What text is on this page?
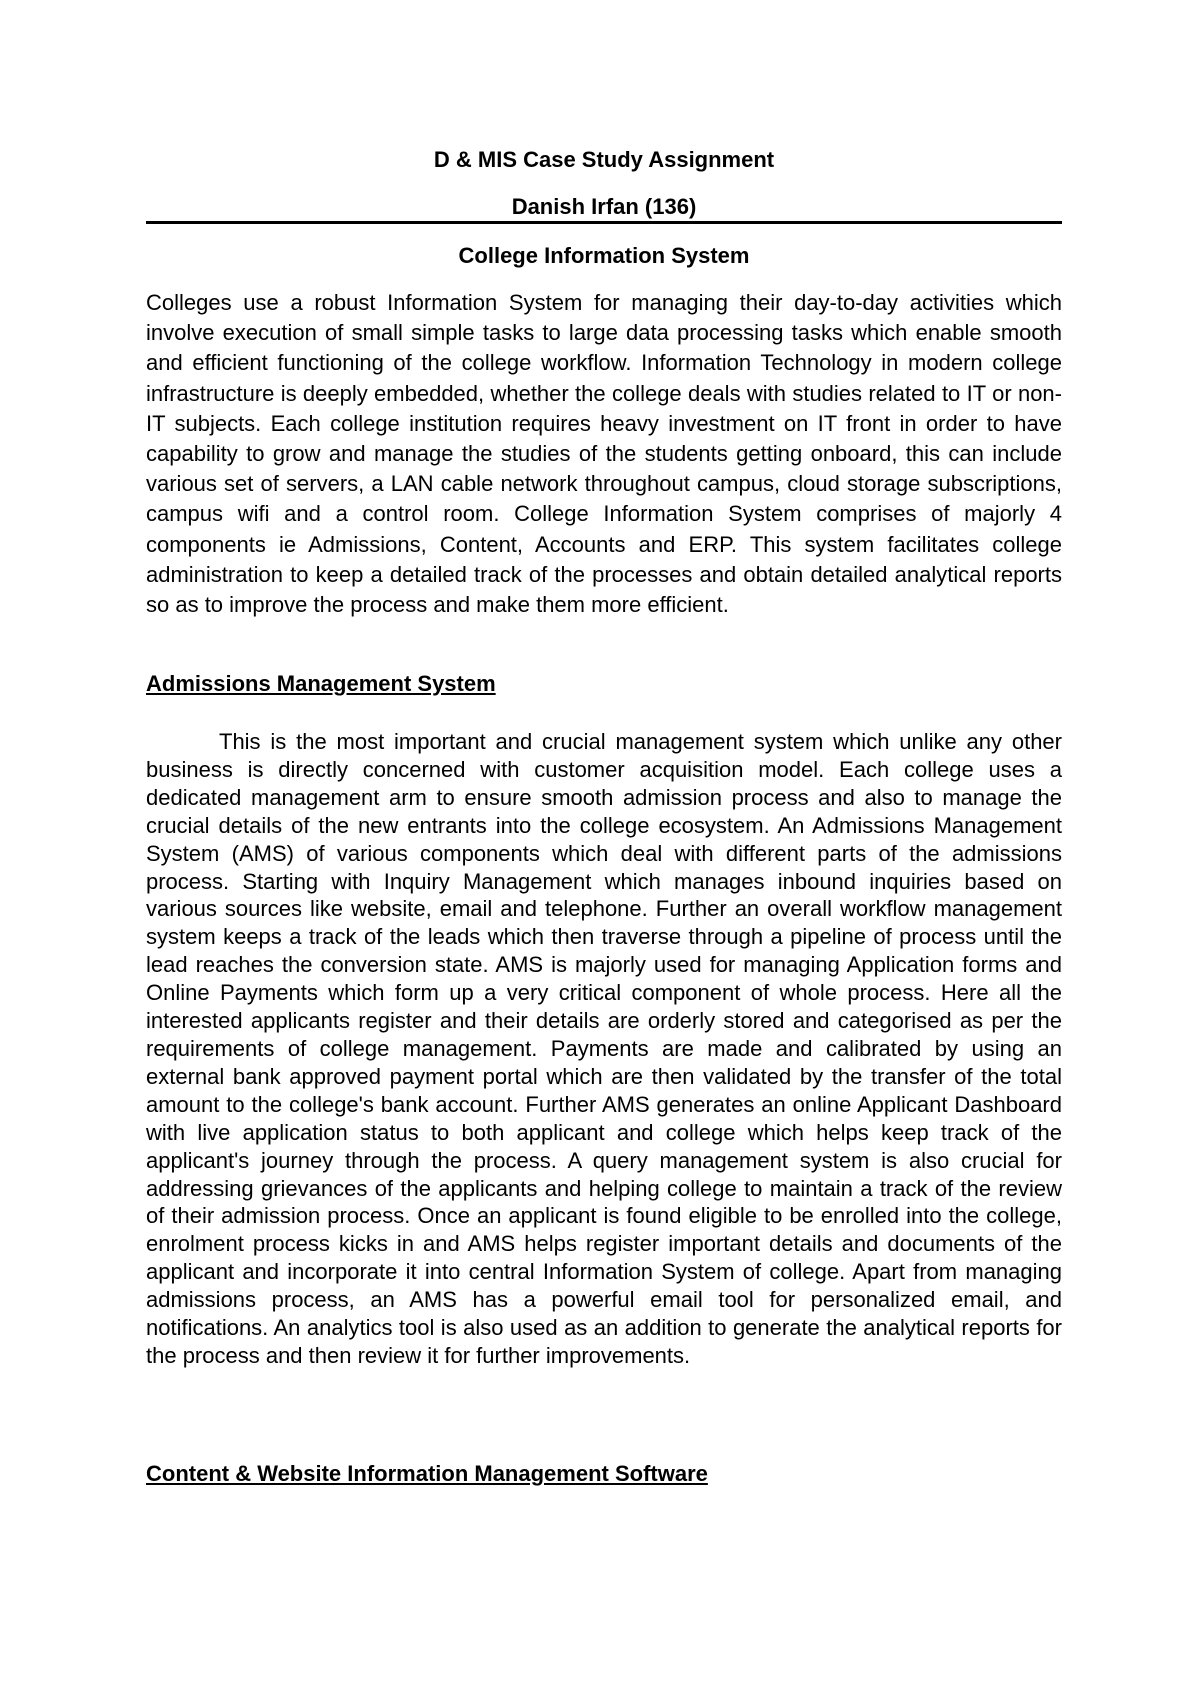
D & MIS Case Study Assignment
Danish Irfan (136)
College Information System

Colleges use a robust Information System for managing their day-to-day activities which involve execution of small simple tasks to large data processing tasks which enable smooth and efficient functioning of the college workflow. Information Technology in modern college infrastructure is deeply embedded, whether the college deals with studies related to IT or non-IT subjects. Each college institution requires heavy investment on IT front in order to have capability to grow and manage the studies of the students getting onboard, this can include various set of servers, a LAN cable network throughout campus, cloud storage subscriptions, campus wifi and a control room. College Information System comprises of majorly 4 components ie Admissions, Content, Accounts and ERP. This system facilitates college administration to keep a detailed track of the processes and obtain detailed analytical reports so as to improve the process and make them more efficient.

Admissions Management System

This is the most important and crucial management system which unlike any other business is directly concerned with customer acquisition model. Each college uses a dedicated management arm to ensure smooth admission process and also to manage the crucial details of the new entrants into the college ecosystem. An Admissions Management System (AMS) of various components which deal with different parts of the admissions process. Starting with Inquiry Management which manages inbound inquiries based on various sources like website, email and telephone. Further an overall workflow management system keeps a track of the leads which then traverse through a pipeline of process until the lead reaches the conversion state. AMS is majorly used for managing Application forms and Online Payments which form up a very critical component of whole process. Here all the interested applicants register and their details are orderly stored and categorised as per the requirements of college management. Payments are made and calibrated by using an external bank approved payment portal which are then validated by the transfer of the total amount to the college's bank account. Further AMS generates an online Applicant Dashboard with live application status to both applicant and college which helps keep track of the applicant's journey through the process. A query management system is also crucial for addressing grievances of the applicants and helping college to maintain a track of the review of their admission process. Once an applicant is found eligible to be enrolled into the college, enrolment process kicks in and AMS helps register important details and documents of the applicant and incorporate it into central Information System of college. Apart from managing admissions process, an AMS has a powerful email tool for personalized email, and notifications. An analytics tool is also used as an addition to generate the analytical reports for the process and then review it for further improvements.

Content & Website Information Management Software
